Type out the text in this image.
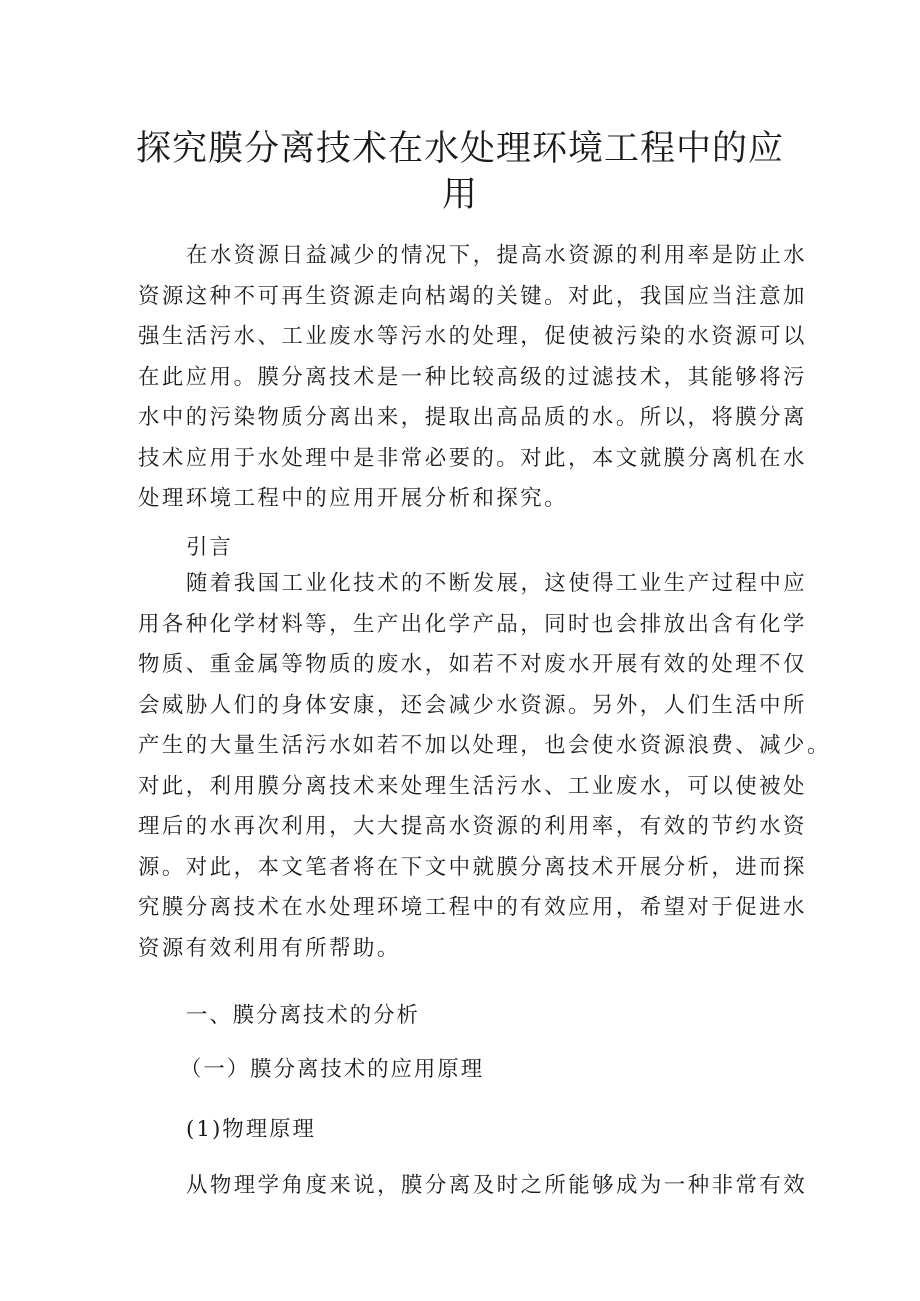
探究膜分离技术在水处理环境工程中的应
用

在水资源日益减少的情况下，提高水资源的利用率是防止水
资源这种不可再生资源走向枯竭的关键。对此，我国应当注意加
强生活污水、工业废水等污水的处理，促使被污染的水资源可以
在此应用。膜分离技术是一种比较高级的过滤技术，其能够将污
水中的污染物质分离出来，提取出高品质的水。所以，将膜分离
技术应用于水处理中是非常必要的。对此，本文就膜分离机在水
处理环境工程中的应用开展分析和探究。

引言

随着我国工业化技术的不断发展，这使得工业生产过程中应
用各种化学材料等，生产出化学产品，同时也会排放出含有化学
物质、重金属等物质的废水，如若不对废水开展有效的处理不仅
会威胁人们的身体安康，还会减少水资源。另外，人们生活中所
产生的大量生活污水如若不加以处理，也会使水资源浪费、减少。
对此，利用膜分离技术来处理生活污水、工业废水，可以使被处
理后的水再次利用，大大提高水资源的利用率，有效的节约水资
源。对此，本文笔者将在下文中就膜分离技术开展分析，进而探
究膜分离技术在水处理环境工程中的有效应用，希望对于促进水
资源有效利用有所帮助。

一、膜分离技术的分析

（一）膜分离技术的应用原理

(1)物理原理

从物理学角度来说，膜分离及时之所能够成为一种非常有效
